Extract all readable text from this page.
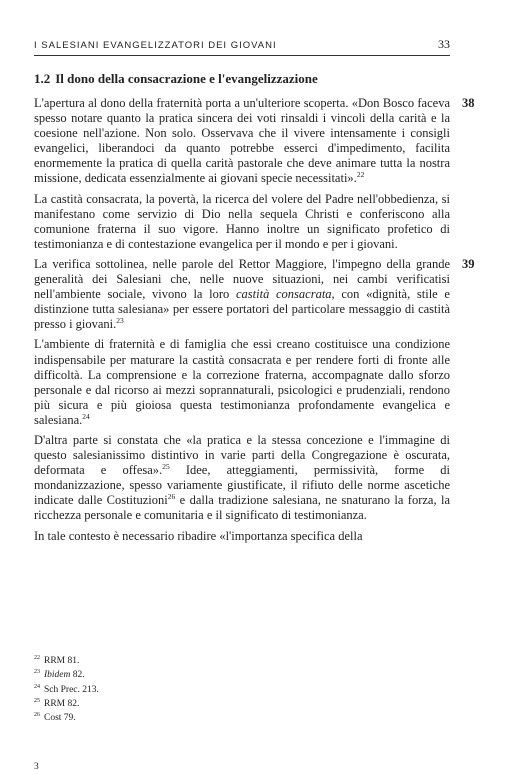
I SALESIANI EVANGELIZZATORI DEI GIOVANI	33
1.2 Il dono della consacrazione e l'evangelizzazione

38
L'apertura al dono della fraternità porta a un'ulteriore scoperta. «Don Bosco faceva spesso notare quanto la pratica sincera dei voti rinsaldi i vincoli della carità e la coesione nell'azione. Non solo. Osservava che il vivere intensamente i consigli evangelici, liberandoci da quanto potrebbe esserci d'impedimento, facilita enormemente la pratica di quella carità pastorale che deve animare tutta la nostra missione, dedicata essenzialmente ai giovani specie necessitati».$^{22}$

La castità consacrata, la povertà, la ricerca del volere del Padre nell'obbedienza, si manifestano come servizio di Dio nella sequela Christi e conferiscono alla comunione fraterna il suo vigore. Hanno inoltre un significato profetico di testimonianza e di contestazione evangelica per il mondo e per i giovani.

39
La verifica sottolinea, nelle parole del Rettor Maggiore, l'impegno della grande generalità dei Salesiani che, nelle nuove situazioni, nei cambi verificatisi nell'ambiente sociale, vivono la loro castità consacrata, con «dignità, stile e distinzione tutta salesiana» per essere portatori del particolare messaggio di castità presso i giovani.$^{23}$

L'ambiente di fraternità e di famiglia che essi creano costituisce una condizione indispensabile per maturare la castità consacrata e per rendere forti di fronte alle difficoltà. La comprensione e la correzione fraterna, accompagnate dallo sforzo personale e dal ricorso ai mezzi soprannaturali, psicologici e prudenziali, rendono più sicura e più gioiosa questa testimonianza profondamente evangelica e salesiana.$^{24}$

D'altra parte si constata che «la pratica e la stessa concezione e l'immagine di questo salesianissimo distintivo in varie parti della Congregazione è oscurata, deformata e offesa».$^{25}$ Idee, atteggiamenti, permissività, forme di mondanizzazione, spesso variamente giustificate, il rifiuto delle norme ascetiche indicate dalle Costituzioni$^{26}$ e dalla tradizione salesiana, ne snaturano la forza, la ricchezza personale e comunitaria e il significato di testimonianza.

In tale contesto è necessario ribadire «l'importanza specifica della

$^{22}$ RRM 81.
$^{23}$ Ibidem 82.
$^{24}$ Sch Prec. 213.
$^{25}$ RRM 82.
$^{26}$ Cost 79.
3
